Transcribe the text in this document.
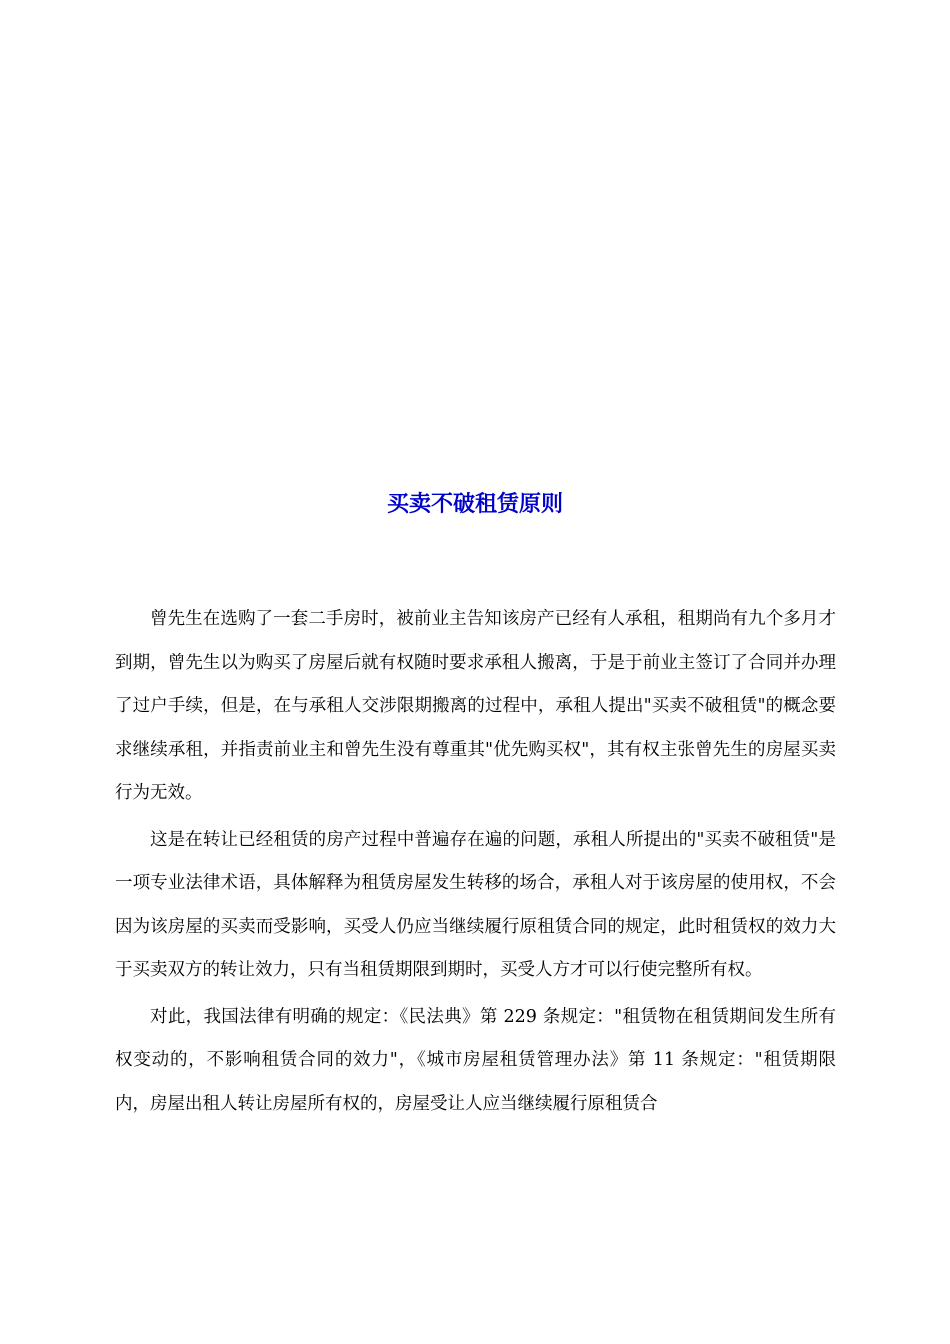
买卖不破租赁原则

曾先生在选购了一套二手房时，被前业主告知该房产已经有人承租，租期尚有九个多月才到期，曾先生以为购买了房屋后就有权随时要求承租人搬离，于是于前业主签订了合同并办理了过户手续，但是，在与承租人交涉限期搬离的过程中，承租人提出"买卖不破租赁"的概念要求继续承租，并指责前业主和曾先生没有尊重其"优先购买权"，其有权主张曾先生的房屋买卖行为无效。

这是在转让已经租赁的房产过程中普遍存在遍的问题，承租人所提出的"买卖不破租赁"是一项专业法律术语，具体解释为租赁房屋发生转移的场合，承租人对于该房屋的使用权，不会因为该房屋的买卖而受影响，买受人仍应当继续履行原租赁合同的规定，此时租赁权的效力大于买卖双方的转让效力，只有当租赁期限到期时，买受人方才可以行使完整所有权。

对此，我国法律有明确的规定：《民法典》第 229 条规定："租赁物在租赁期间发生所有权变动的，不影响租赁合同的效力"，《城市房屋租赁管理办法》第 11 条规定："租赁期限内，房屋出租人转让房屋所有权的，房屋受让人应当继续履行原租赁合
